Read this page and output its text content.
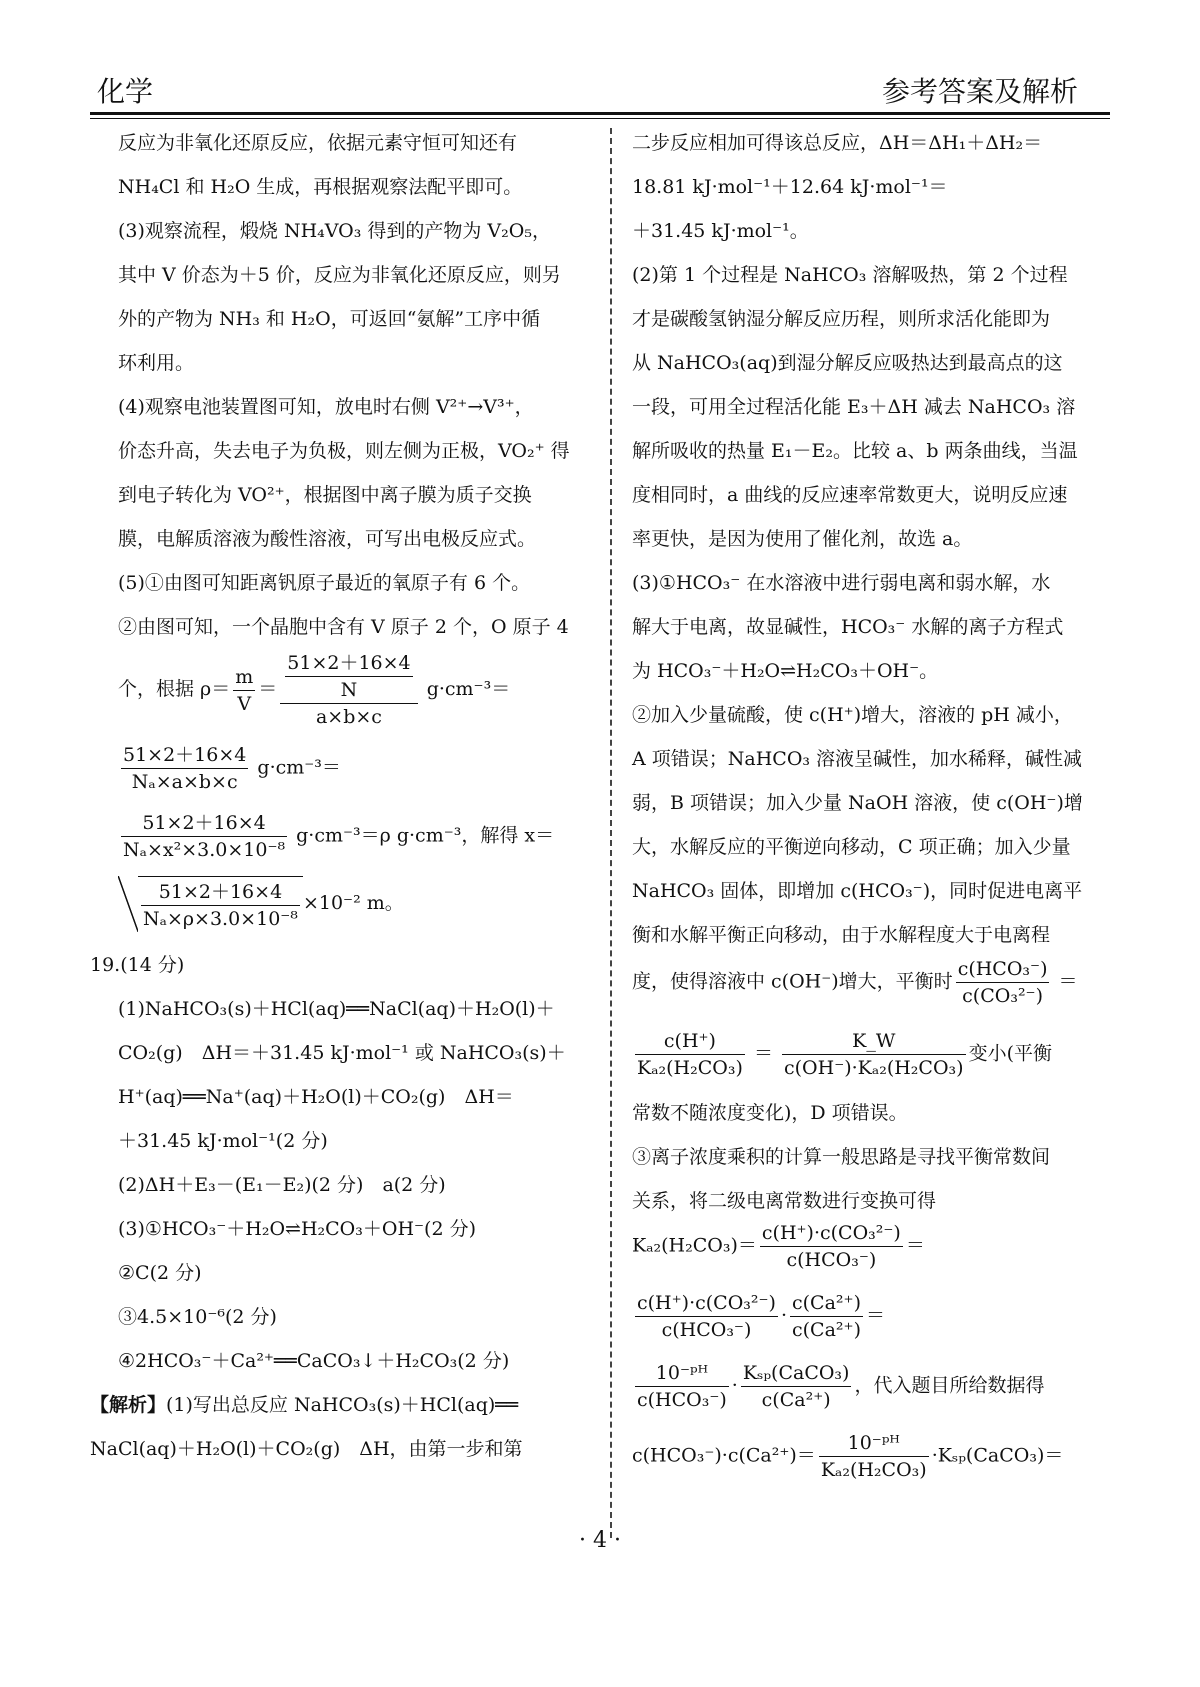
化学	参考答案及解析
反应为非氧化还原反应，依据元素守恒可知还有
NH₄Cl 和 H₂O 生成，再根据观察法配平即可。
(3)观察流程，煅烧 NH₄VO₃ 得到的产物为 V₂O₅，
其中 V 价态为＋5 价，反应为非氧化还原反应，则另
外的产物为 NH₃ 和 H₂O，可返回“氨解”工序中循
环利用。
(4)观察电池装置图可知，放电时右侧 V²⁺→V³⁺，
价态升高，失去电子为负极，则左侧为正极，VO₂⁺ 得
到电子转化为 VO²⁺，根据图中离子膜为质子交换
膜，电解质溶液为酸性溶液，可写出电极反应式。
(5)①由图可知距离钒原子最近的氧原子有 6 个。
②由图可知，一个晶胞中含有 V 原子 2 个，O 原子 4
个，根据 $\rho= \frac{m}{V} = \frac{\frac{51\times 2+16\times 4}{N}}{a\times b\times c} g\cdot cm^{-3}=$
$\frac{51\times 2+16\times 4}{\text{Nₐ×a×b×c}} g\cdot cm^{-3}=$
$\frac{51\times 2+16\times 4}{\text{Nₐ×x²×3.0×10⁻⁸}} g\cdot cm^{-3}=\rho$ g·cm⁻³，解得 x＝
$\frac{51\times 2+16\times 4}{\text{Nₐ×ρ×3.0×10⁻⁸}} \times 10^{-2}$ m。
19.(14 分)
(1)NaHCO₃(s)＋HCl(aq)══NaCl(aq)＋H₂O(l)＋
CO₂(g)　ΔH＝＋31.45 kJ·mol⁻¹ 或 NaHCO₃(s)＋
H⁺(aq)══Na⁺(aq)＋H₂O(l)＋CO₂(g)　ΔH＝
＋31.45 kJ·mol⁻¹(2 分)
(2)ΔH＋E₃－(E₁－E₂)(2 分)　a(2 分)
(3)①HCO₃⁻＋H₂O⇌H₂CO₃＋OH⁻(2 分)
②C(2 分)
③4.5×10⁻⁶(2 分)
④2HCO₃⁻＋Ca²⁺══CaCO₃↓＋H₂CO₃(2 分)
【解析】(1)写出总反应 NaHCO₃(s)＋HCl(aq)══
NaCl(aq)＋H₂O(l)＋CO₂(g)　ΔH，由第一步和第
二步反应相加可得该总反应，ΔH＝ΔH₁＋ΔH₂＝
18.81 kJ·mol⁻¹＋12.64 kJ·mol⁻¹＝
＋31.45 kJ·mol⁻¹。
(2)第 1 个过程是 NaHCO₃ 溶解吸热，第 2 个过程
才是碳酸氢钠湿分解反应历程，则所求活化能即为
从 NaHCO₃(aq)到湿分解反应吸热达到最高点的这
一段，可用全过程活化能 E₃＋ΔH 减去 NaHCO₃ 溶
解所吸收的热量 E₁－E₂。比较 a、b 两条曲线，当温
度相同时，a 曲线的反应速率常数更大，说明反应速
率更快，是因为使用了催化剂，故选 a。
(3)①HCO₃⁻ 在水溶液中进行弱电离和弱水解，水
解大于电离，故显碱性，HCO₃⁻ 水解的离子方程式
为 HCO₃⁻＋H₂O⇌H₂CO₃＋OH⁻。
②加入少量硫酸，使 c(H⁺)增大，溶液的 pH 减小，
A 项错误；NaHCO₃ 溶液呈碱性，加水稀释，碱性减
弱，B 项错误；加入少量 NaOH 溶液，使 c(OH⁻)增
大，水解反应的平衡逆向移动，C 项正确；加入少量
NaHCO₃ 固体，即增加 c(HCO₃⁻)，同时促进电离平
衡和水解平衡正向移动，由于水解程度大于电离程
度，使得溶液中 c(OH⁻)增大，平衡时 $\frac{\text{c(HCO₃⁻)}}{\text{c(CO₃²⁻)}}$ ＝
$\frac{c(H^+)}{\text{Kₐ₂(H₂CO₃)}} = \frac{K\_W}{\text{c(OH⁻)·Kₐ₂(H₂CO₃)}}$ 变小(平衡
常数不随浓度变化)，D 项错误。
③离子浓度乘积的计算一般思路是寻找平衡常数间
关系，将二级电离常数进行变换可得
$K_{a2}(H_2CO_3)= \frac{\text{c(H⁺)·c(CO₃²⁻)}}{\text{c(HCO₃⁻)}}$ ＝
$\frac{\text{c(H⁺)·c(CO₃²⁻)}}{\text{c(HCO₃⁻)}} \cdot \frac{\text{c(Ca²⁺)}}{\text{c(Ca²⁺)}}$ ＝
$\frac{\text{10⁻ᵖᴴ}}{\text{c(HCO₃⁻)}} \cdot \frac{\text{Kₛₚ(CaCO₃)}}{\text{c(Ca²⁺)}}$ ，代入题目所给数据得
$c(HCO_3^-)\cdot c(Ca^{2+})= \frac{\text{10⁻ᵖᴴ}}{\text{Kₐ₂(H₂CO₃)}}$ ·Kₛₚ(CaCO₃)＝
· 4 ·
